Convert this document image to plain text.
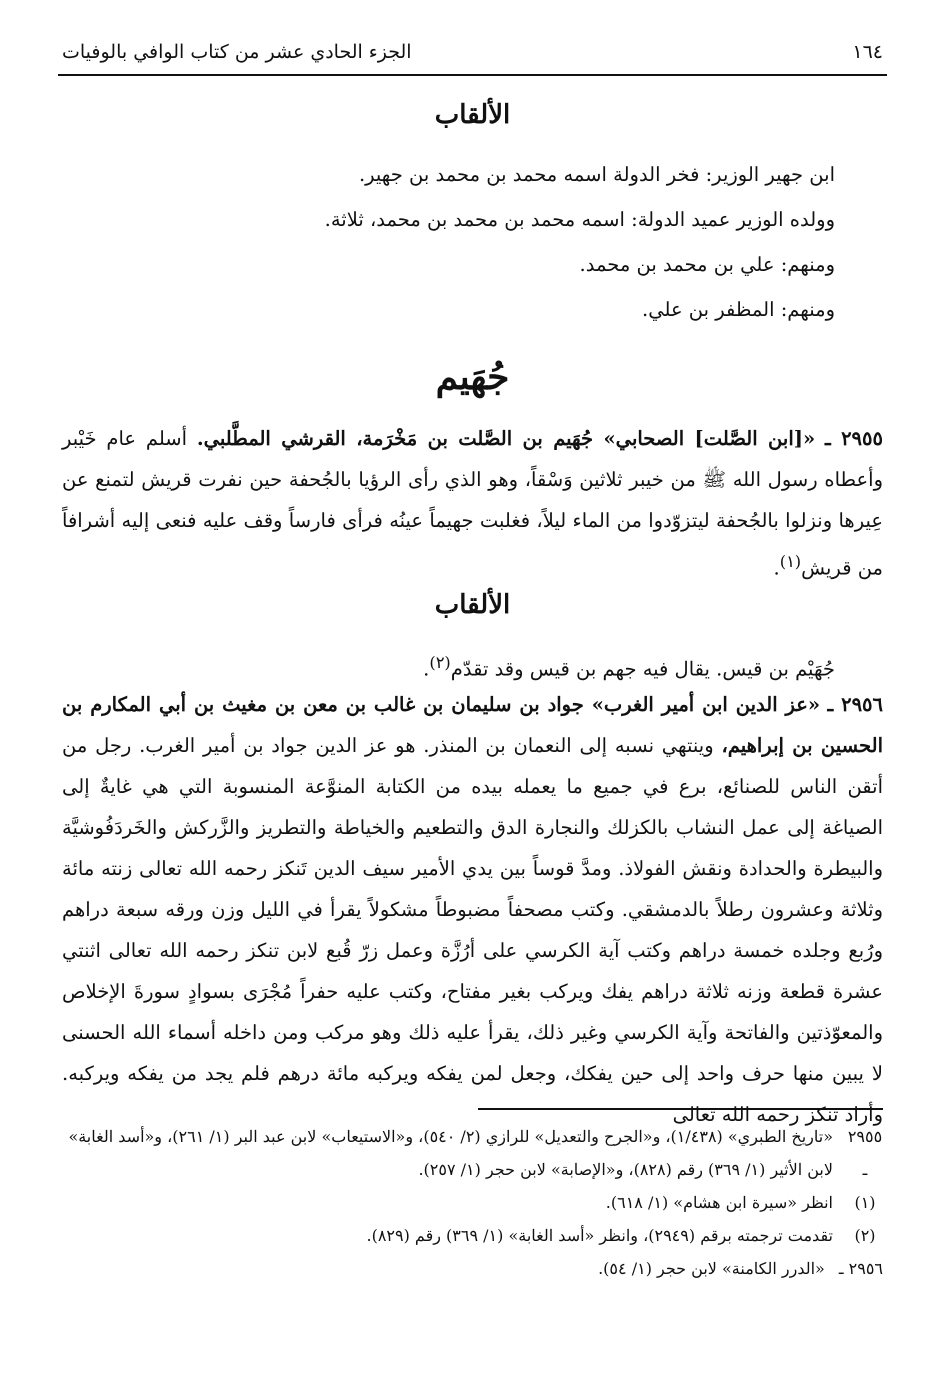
١٦٤
الجزء الحادي عشر من كتاب الوافي بالوفيات
الألقاب
ابن جهير الوزير: فخر الدولة اسمه محمد بن محمد بن جهير.
وولده الوزير عميد الدولة: اسمه محمد بن محمد بن محمد، ثلاثة.
ومنهم: علي بن محمد بن محمد.
ومنهم: المظفر بن علي.
جُهَيم
٢٩٥٥ ـ «[ابن الصَّلت] الصحابي» جُهَيم بن الصَّلت بن مَخْرَمة، القرشي المطَّلبي. أسلم عام خَيْبر وأعطاه رسول الله ﷺ من خيبر ثلاثين وَسْقاً، وهو الذي رأى الرؤيا بالجُحفة حين نفرت قريش لتمنع عن عِيرها ونزلوا بالجُحفة ليتزوّدوا من الماء ليلاً، فغلبت جهيماً عينُه فرأى فارساً وقف عليه فنعى إليه أشرافاً من قريش$^{(١)}$.
الألقاب
جُهَيْم بن قيس. يقال فيه جهم بن قيس وقد تقدّم$^{(٢)}$.
٢٩٥٦ ـ «عز الدين ابن أمير الغرب» جواد بن سليمان بن غالب بن معن بن مغيث بن أبي المكارم بن الحسين بن إبراهيم، وينتهي نسبه إلى النعمان بن المنذر. هو عز الدين جواد بن أمير الغرب. رجل من أتقن الناس للصنائع، برع في جميع ما يعمله بيده من الكتابة المنوَّعة المنسوبة التي هي غايةٌ إلى الصياغة إلى عمل النشاب بالكزلك والنجارة الدق والتطعيم والخياطة والتطريز والزَّركش والخَردَفُوشيَّة والبيطرة والحدادة ونقش الفولاذ. ومدَّ قوساً بين يدي الأمير سيف الدين تَنكز رحمه الله تعالى زنته مائة وثلاثة وعشرون رطلاً بالدمشقي. وكتب مصحفاً مضبوطاً مشكولاً يقرأ في الليل وزن ورقه سبعة دراهم ورُبع وجلده خمسة دراهم وكتب آية الكرسي على أرُزَّة وعمل زرّ قُبع لابن تنكز رحمه الله تعالى اثنتي عشرة قطعة وزنه ثلاثة دراهم يفك ويركب بغير مفتاح، وكتب عليه حفراً مُجْرَى بسوادٍ سورةَ الإخلاص والمعوّذتين والفاتحة وآية الكرسي وغير ذلك، يقرأ عليه ذلك وهو مركب ومن داخله أسماء الله الحسنى لا يبين منها حرف واحد إلى حين يفكك، وجعل لمن يفكه ويركبه مائة درهم فلم يجد من يفكه ويركبه. وأراد تنكز رحمه الله تعالى
٢٩٥٥ ـ
«تاريخ الطبري» (١/٤٣٨)، و«الجرح والتعديل» للرازي (٢/ ٥٤٠)، و«الاستيعاب» لابن عبد البر (١/ ٢٦١)، و«أسد الغابة» لابن الأثير (١/ ٣٦٩) رقم (٨٢٨)، و«الإصابة» لابن حجر (١/ ٢٥٧).
(١)
انظر «سيرة ابن هشام» (١/ ٦١٨).
(٢)
تقدمت ترجمته برقم (٢٩٤٩)، وانظر «أسد الغابة» (١/ ٣٦٩) رقم (٨٢٩).
٢٩٥٦ ـ
«الدرر الكامنة» لابن حجر (١/ ٥٤).
